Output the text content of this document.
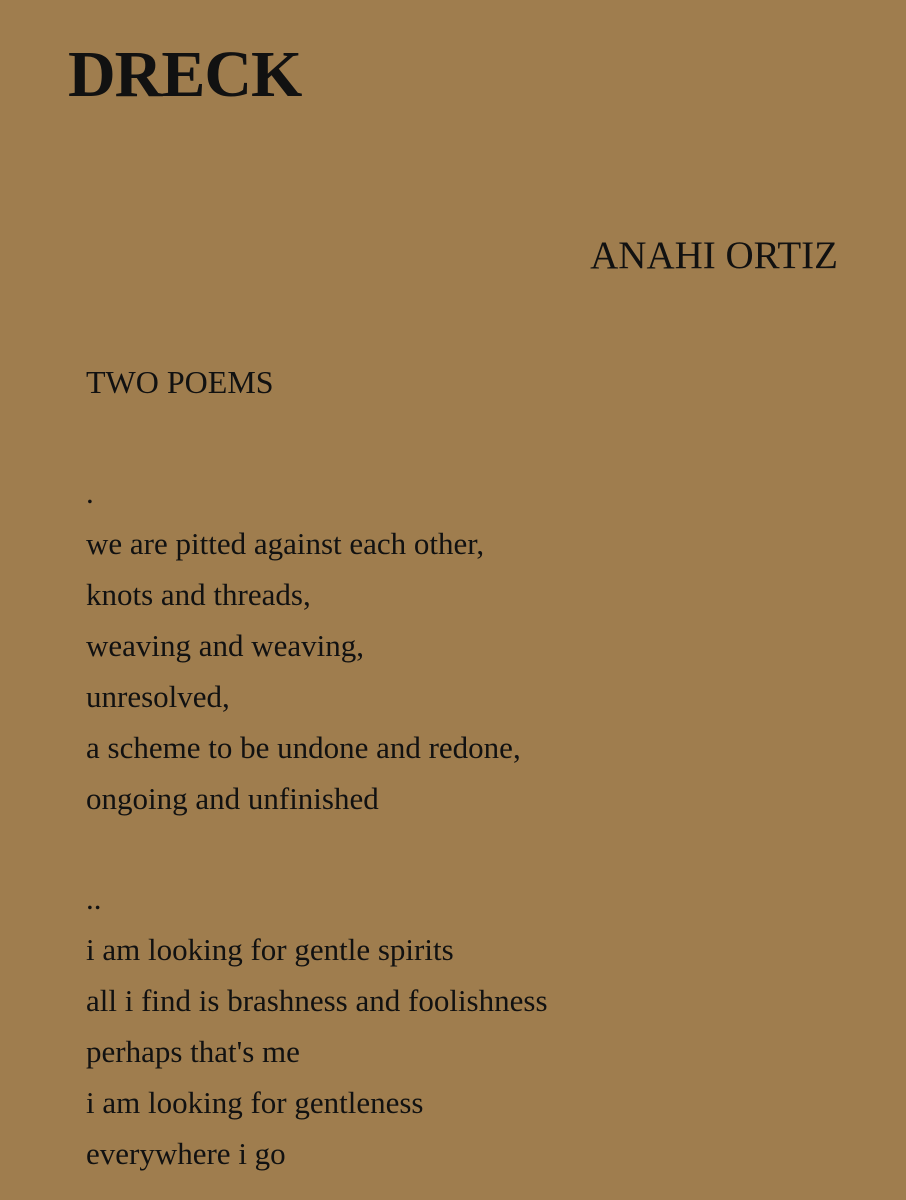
DRECK
ANAHI ORTIZ
TWO POEMS
.
we are pitted against each other,
knots and threads,
weaving and weaving,
unresolved,
a scheme to be undone and redone,
ongoing and unfinished
..
i am looking for gentle spirits
all i find is brashness and foolishness
perhaps that's me
i am looking for gentleness
everywhere i go
